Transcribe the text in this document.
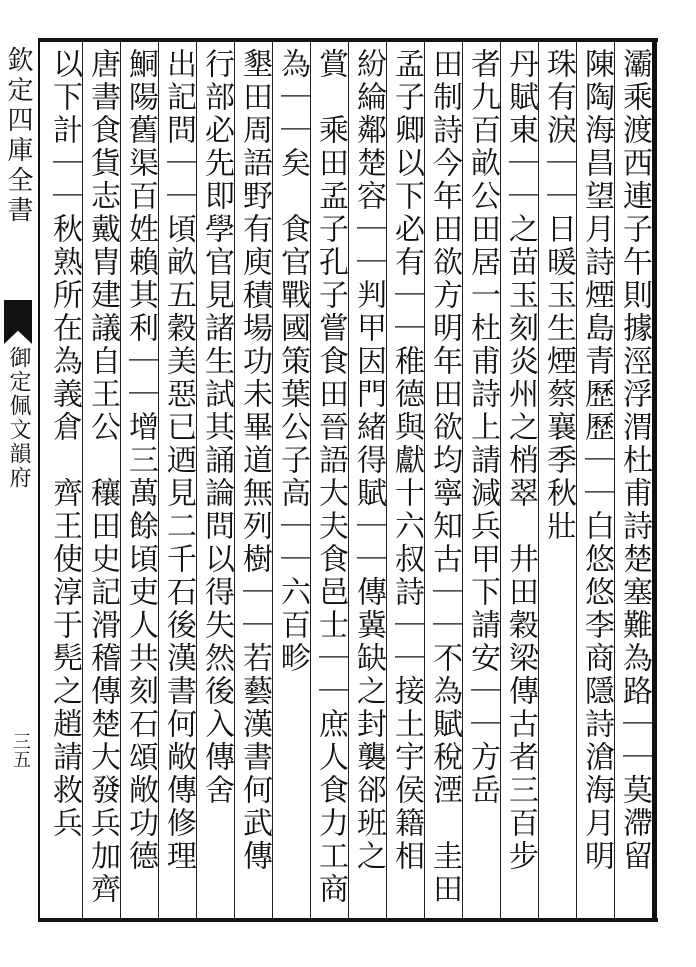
欽定四庫全書
御定佩文韻府
三五	灞乘渡西連子午則據涇浮渭杜甫詩楚塞難為路｜｜莫滯留
陳陶海昌望月詩煙島青歷歷｜｜白悠悠李商隱詩滄海月明
珠有淚｜｜日暖玉生煙蔡襄季秋壯
丹賦東｜｜之苗玉刻炎州之梢翠　井田穀梁傳古者三百步
者九百畝公田居一杜甫詩上請減兵甲下請安｜｜方岳
田制詩今年田欲方明年田欲均寧知古｜｜不為賦稅湮　圭田
孟子卿以下必有｜｜稚德與獻十六叔詩｜｜接土宇侯籍相
紛綸鄰楚容｜｜判甲因門緒得賦｜｜傳冀缺之封襲郤班之
賞　乘田孟子孔子嘗食田晉語大夫食邑士｜｜庶人食力工商
為｜｜矣　食官戰國策葉公子高｜｜六百畛
墾田周語野有庾積場功未畢道無列樹｜｜若藝漢書何武傳
行部必先即學官見諸生試其誦論問以得失然後入傳舍
出記問｜｜頃畝五穀美惡已迺見二千石後漢書何敞傳修理
鮦陽舊渠百姓賴其利｜｜增三萬餘頃吏人共刻石頌敞功德
唐書食貨志戴胄建議自王公　穰田史記滑稽傳楚大發兵加齊
以下計｜｜秋熟所在為義倉　齊王使淳于髡之趙請救兵
